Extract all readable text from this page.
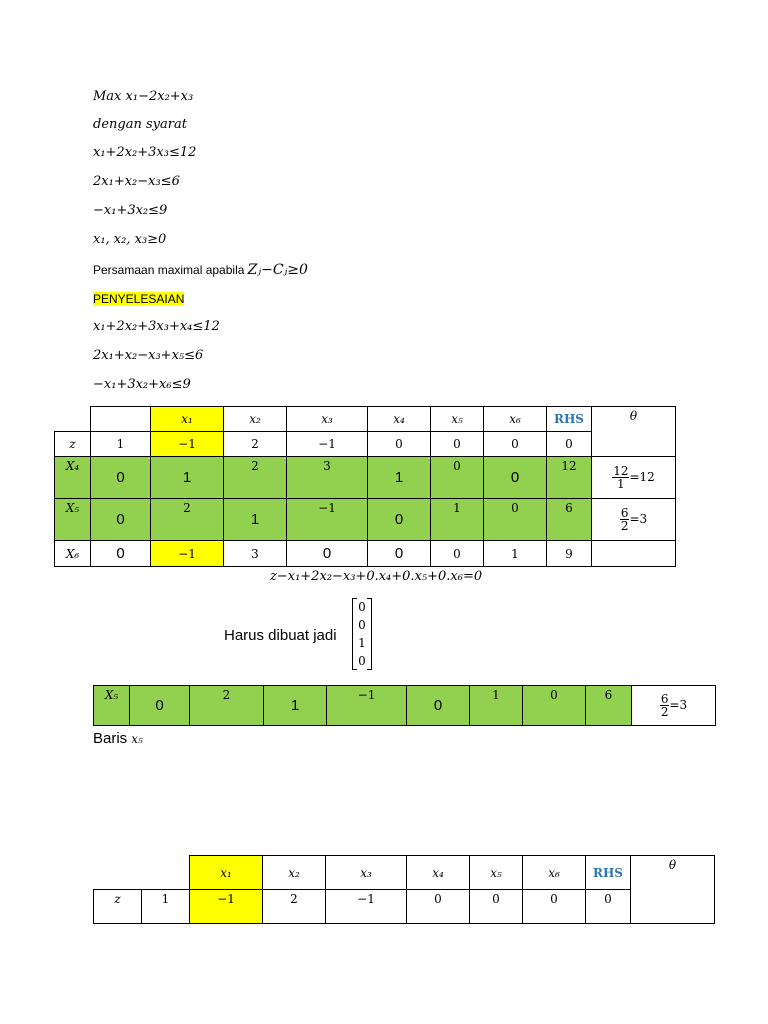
Max x₁−2x₂+x₃
dengan syarat
x₁+2x₂+3x₃≤12
2x₁+x₂−x₃≤6
−x₁+3x₂≤9
x₁, x₂, x₃≥0
Persamaan maximal apabila Zⱼ−Cⱼ≥0
PENYELESAIAN
x₁+2x₂+3x₃+x₄≤12
2x₁+x₂−x₃+x₅≤6
−x₁+3x₂+x₆≤9
		x₁	x₂	x₃	x₄	x₅	x₆	RHS	θ
z	1	−1	2	−1	0	0	0	0	
X₄	0	1	2	3	1	0	0	12	$\frac{12}{1} =12$
X₅	0	2	1	−1	0	1	0	6	$\frac{6}{2} =3$
X₆	0	−1	3	0	0	0	1	9	
z−x₁+2x₂−x₃+0.x₄+0.x₅+0.x₆=0
Harus dibuat jadi
0
0
1
0
X₅	0	2	1	−1	0	1	0	6	$\frac{6}{2} =3$
Baris x₅
		x₁	x₂	x₃	x₄	x₅	x₆	RHS	θ
z	1	−1	2	−1	0	0	0	0	
